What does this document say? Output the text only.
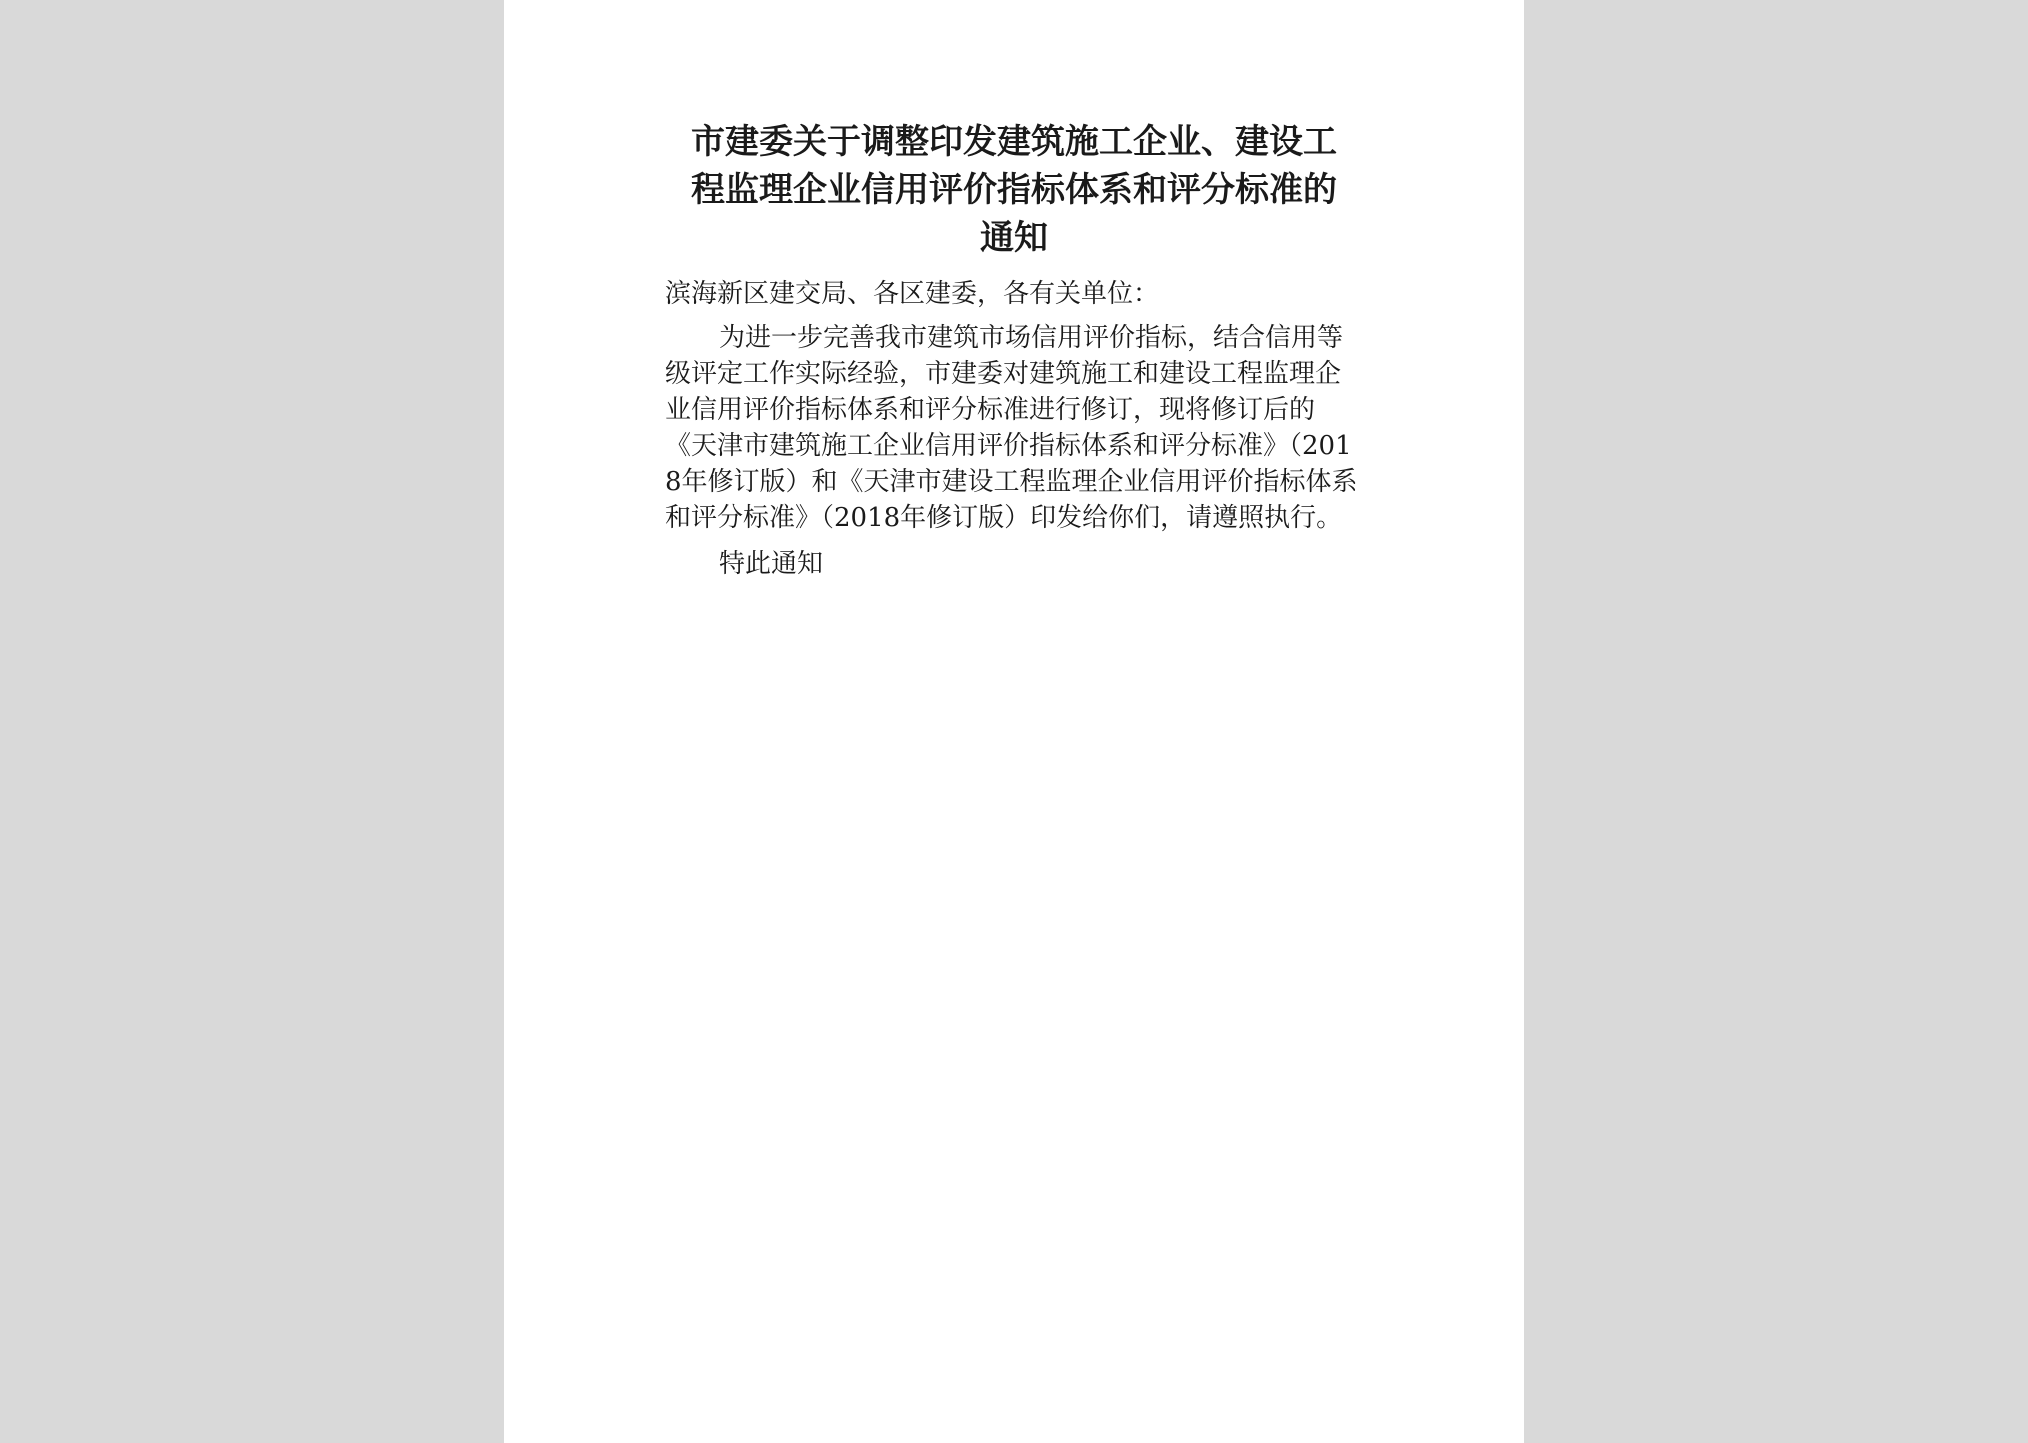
市建委关于调整印发建筑施工企业、建设工程监理企业信用评价指标体系和评分标准的通知

滨海新区建交局、各区建委，各有关单位：

为进一步完善我市建筑市场信用评价指标，结合信用等级评定工作实际经验，市建委对建筑施工和建设工程监理企业信用评价指标体系和评分标准进行修订，现将修订后的《天津市建筑施工企业信用评价指标体系和评分标准》（2018年修订版）和《天津市建设工程监理企业信用评价指标体系和评分标准》（2018年修订版）印发给你们，请遵照执行。

特此通知
